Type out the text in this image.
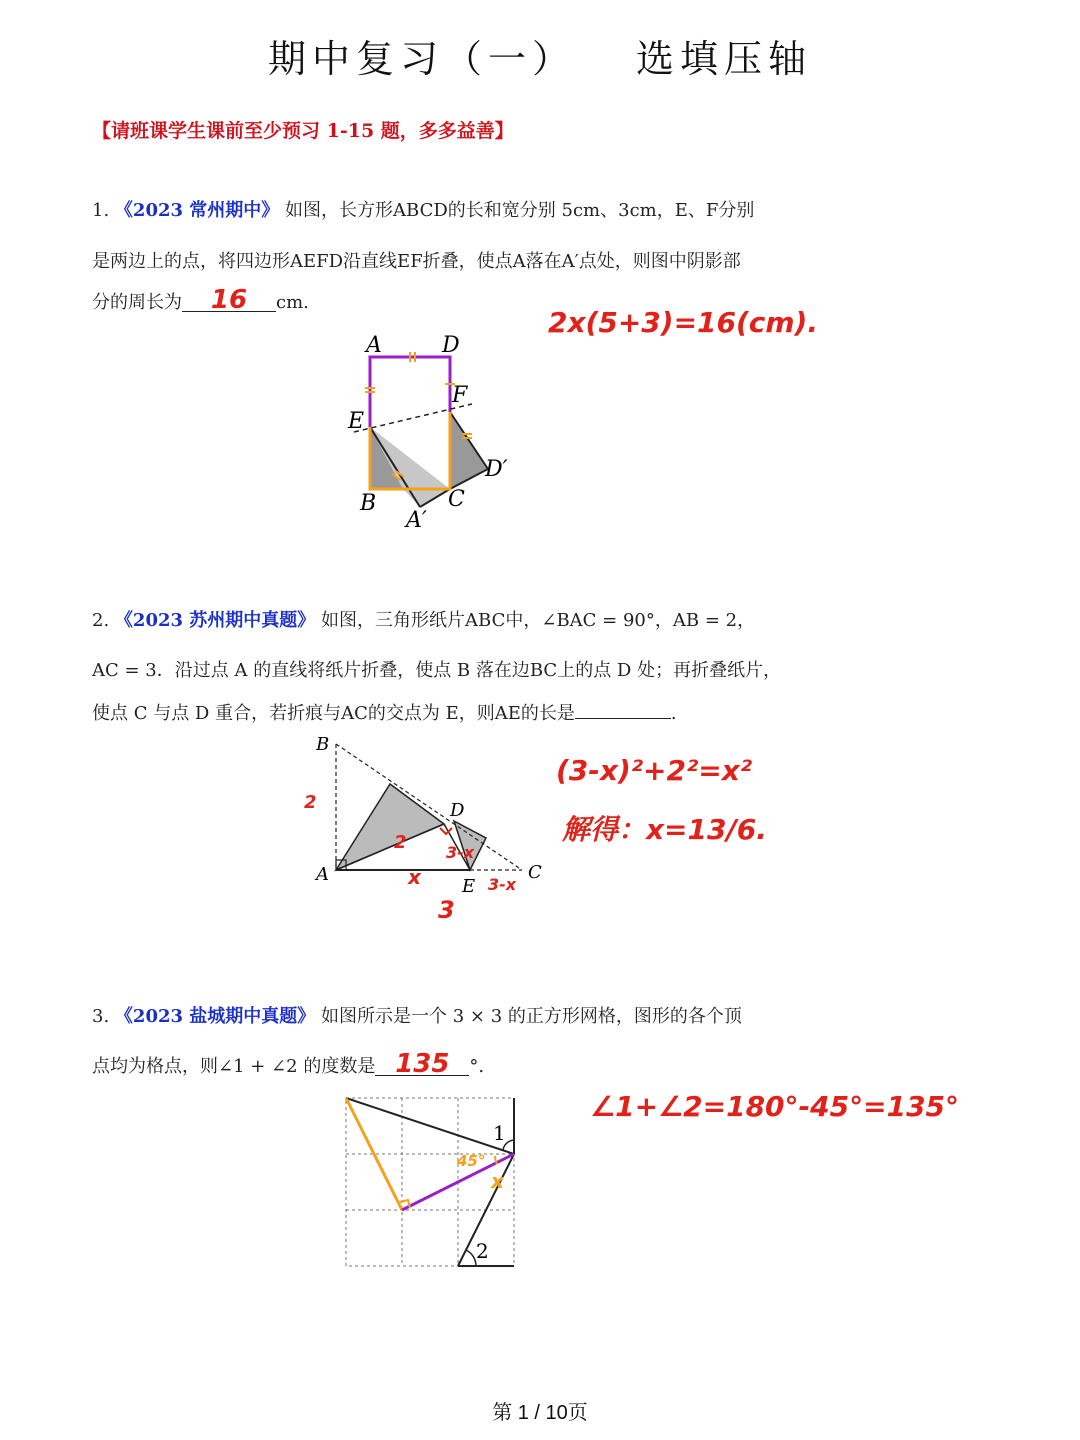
期中复习（一） 选填压轴
【请班课学生课前至少预习 1-15 题，多多益善】
1. 《2023 常州期中》 如图，长方形ABCD的长和宽分别 5cm、3cm，E、F分别
是两边上的点，将四边形AEFD沿直线EF折叠，使点A落在A′点处，则图中阴影部
分的周长为 16 cm.
2x(5+3)=16(cm).
A	D
F
E
D′
B	C
A′
2. 《2023 苏州期中真题》 如图，三角形纸片ABC中，∠BAC = 90°，AB = 2，
AC = 3．沿过点 A 的直线将纸片折叠，使点 B 落在边BC上的点 D 处；再折叠纸片，
使点 C 与点 D 重合，若折痕与AC的交点为 E，则AE的长是	.
(3-x)²+2²=x²
解得：x=13/6.
B
D
A
E
C
2
2 3-x
x	3-x
3
3. 《2023 盐城期中真题》 如图所示是一个 3 × 3 的正方形网格，图形的各个顶
点均为格点，则∠1 + ∠2 的度数是 135 °.
∠1+∠2=180°-45°=135°
1
2
45°
x
第 1 / 10页
